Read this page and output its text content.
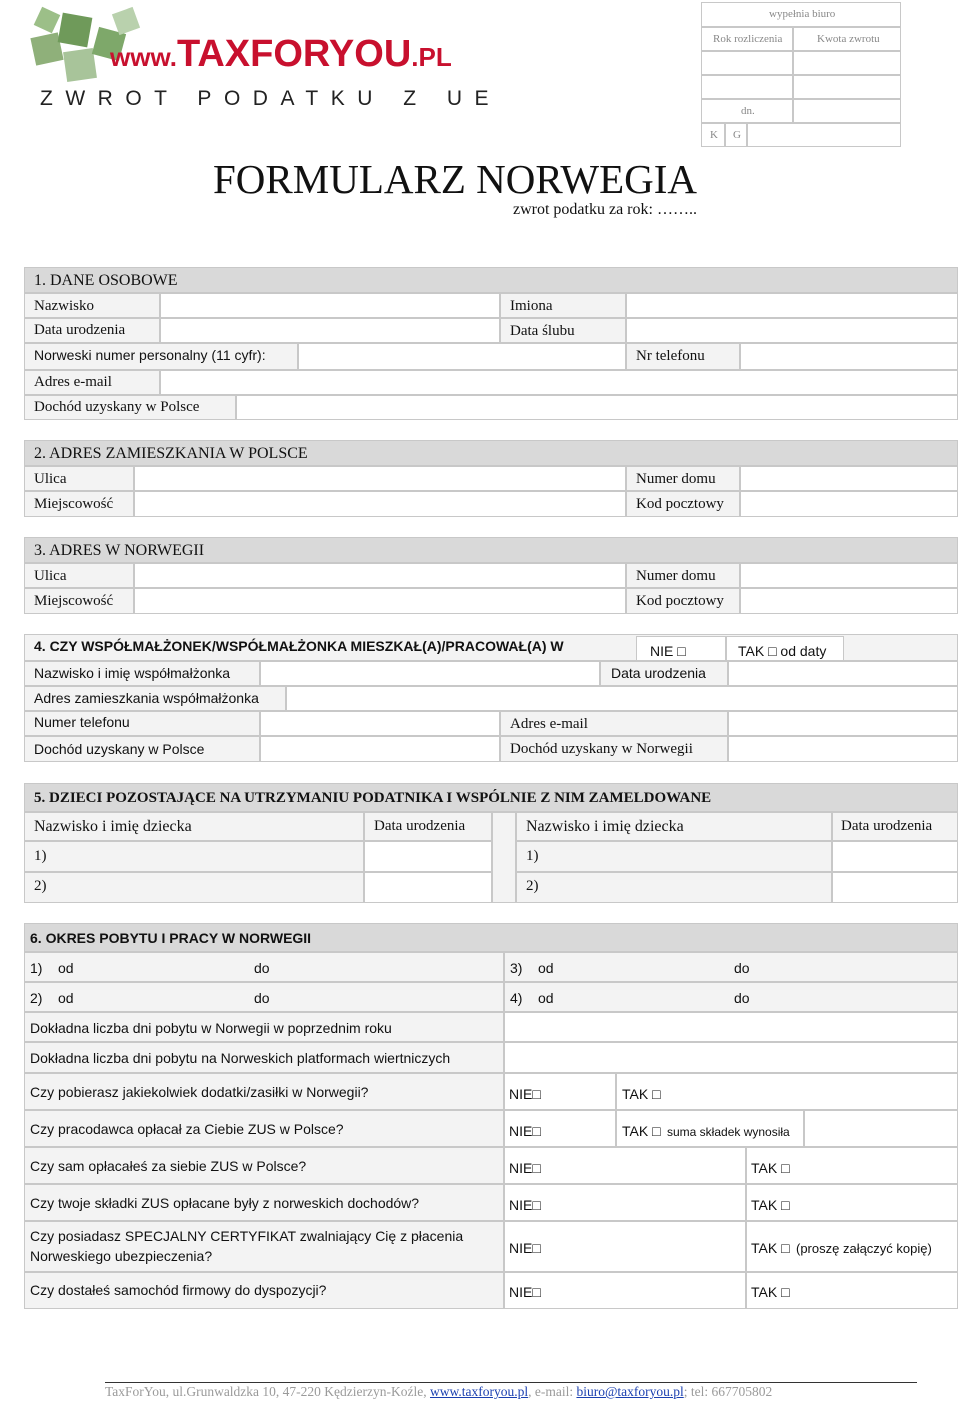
www.TAXFORYOU.PL
ZWROT PODATKU Z UE
wypełnia biuro
Rok rozliczenia	Kwota zwrotu
dn.
K G
FORMULARZ NORWEGIA
zwrot podatku za rok: ……..
1. DANE OSOBOWE
Nazwisko	Imiona
Data urodzenia	Data ślubu
Norweski numer personalny (11 cyfr):	Nr telefonu
Adres e-mail
Dochód uzyskany w Polsce
2. ADRES ZAMIESZKANIA W POLSCE
Ulica	Numer domu
Miejscowość	Kod pocztowy
3. ADRES W NORWEGII
Ulica	Numer domu
Miejscowość	Kod pocztowy
4. CZY WSPÓŁMAŁŻONEK/WSPÓŁMAŁŻONKA MIESZKAŁ(A)/PRACOWAŁ(A) W	NIE □	TAK □ od daty
Nazwisko i imię współmałżonka	Data urodzenia
Adres zamieszkania współmałżonka
Numer telefonu	Adres e-mail
Dochód uzyskany w Polsce	Dochód uzyskany w Norwegii
5. DZIECI POZOSTAJĄCE NA UTRZYMANIU PODATNIKA I WSPÓLNIE Z NIM ZAMELDOWANE
Nazwisko i imię dziecka	Data urodzenia	Nazwisko i imię dziecka	Data urodzenia
1)	1)
2)	2)
6. OKRES POBYTU I PRACY W NORWEGII
1)    od	do	3)    od	do
2)    od	do	4)    od	do
Dokładna liczba dni pobytu w Norwegii w poprzednim roku
Dokładna liczba dni pobytu na Norweskich platformach wiertniczych
Czy pobierasz jakiekolwiek dodatki/zasiłki w Norwegii?	NIE□	TAK □
Czy pracodawca opłacał za Ciebie ZUS w Polsce?	NIE□	TAK □ suma składek wynosiła
Czy sam opłacałeś za siebie ZUS w Polsce?	NIE□	TAK □
Czy twoje składki ZUS opłacane były z norweskich dochodów?	NIE□	TAK □
Czy posiadasz SPECJALNY CERTYFIKAT zwalniający Cię z płacenia
Norweskiego ubezpieczenia?	NIE□	TAK □ (proszę załączyć kopię)
Czy dostałeś samochód firmowy do dyspozycji?	NIE□	TAK □
TaxForYou, ul.Grunwaldzka 10, 47-220 Kędzierzyn-Koźle, www.taxforyou.pl, e-mail: biuro@taxforyou.pl; tel: 667705802
